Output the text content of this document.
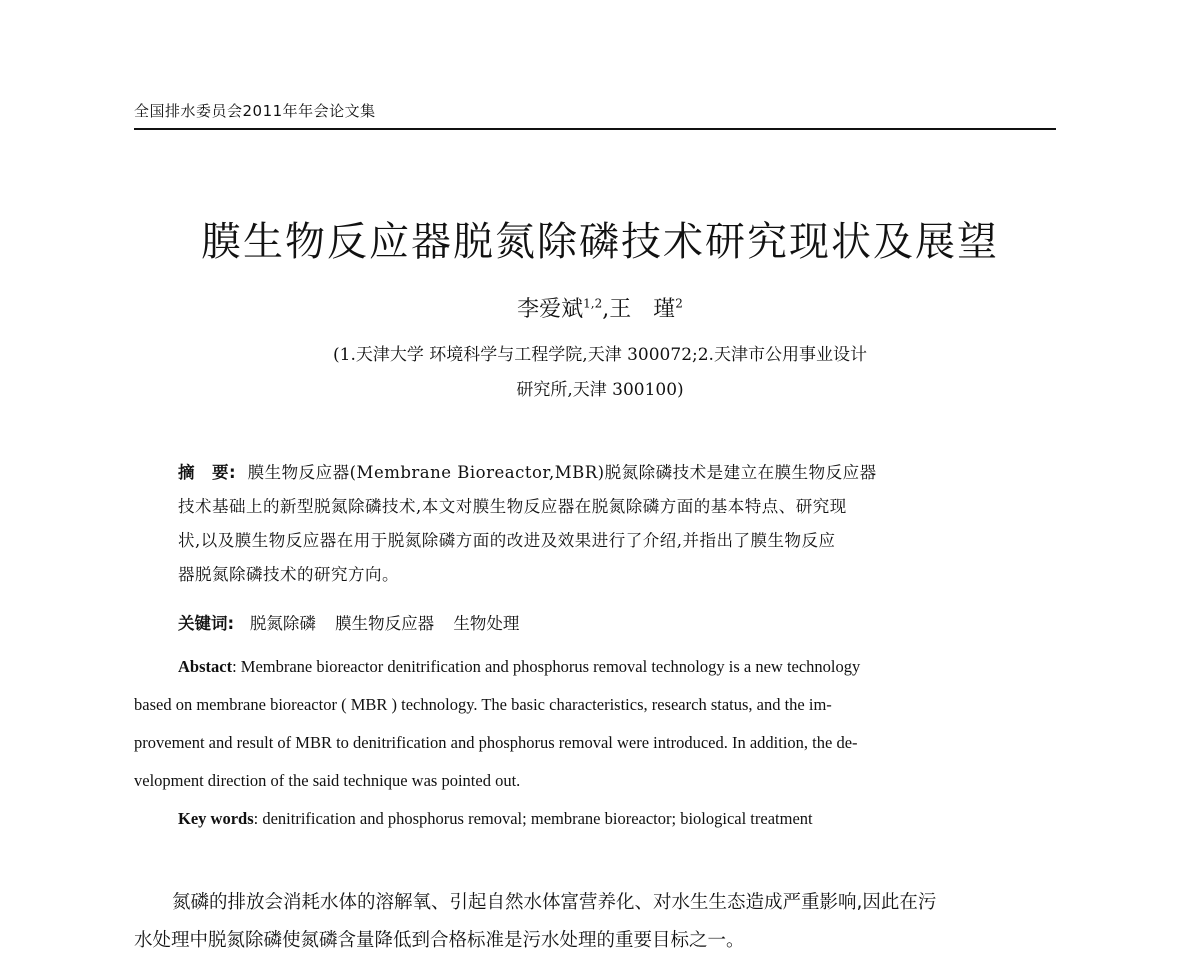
全国排水委员会2011年年会论文集
膜生物反应器脱氮除磷技术研究现状及展望
李爱斌$^{1,2}$,王　瑾$^2$
(1.天津大学 环境科学与工程学院,天津 300072;2.天津市公用事业设计
研究所,天津 300100)

摘　要: 膜生物反应器(Membrane Bioreactor,MBR)脱氮除磷技术是建立在膜生物反应器

技术基础上的新型脱氮除磷技术,本文对膜生物反应器在脱氮除磷方面的基本特点、研究现

状,以及膜生物反应器在用于脱氮除磷方面的改进及效果进行了介绍,并指出了膜生物反应

器脱氮除磷技术的研究方向。

关键词: 脱氮除磷 膜生物反应器 生物处理

Abstact: Membrane bioreactor denitrification and phosphorus removal technology is a new technology

based on membrane bioreactor ( MBR ) technology. The basic characteristics, research status, and the im-

provement and result of MBR to denitrification and phosphorus removal were introduced. In addition, the de-

velopment direction of the said technique was pointed out.

Key words: denitrification and phosphorus removal; membrane bioreactor; biological treatment

氮磷的排放会消耗水体的溶解氧、引起自然水体富营养化、对水生生态造成严重影响,因此在污

水处理中脱氮除磷使氮磷含量降低到合格标准是污水处理的重要目标之一。
